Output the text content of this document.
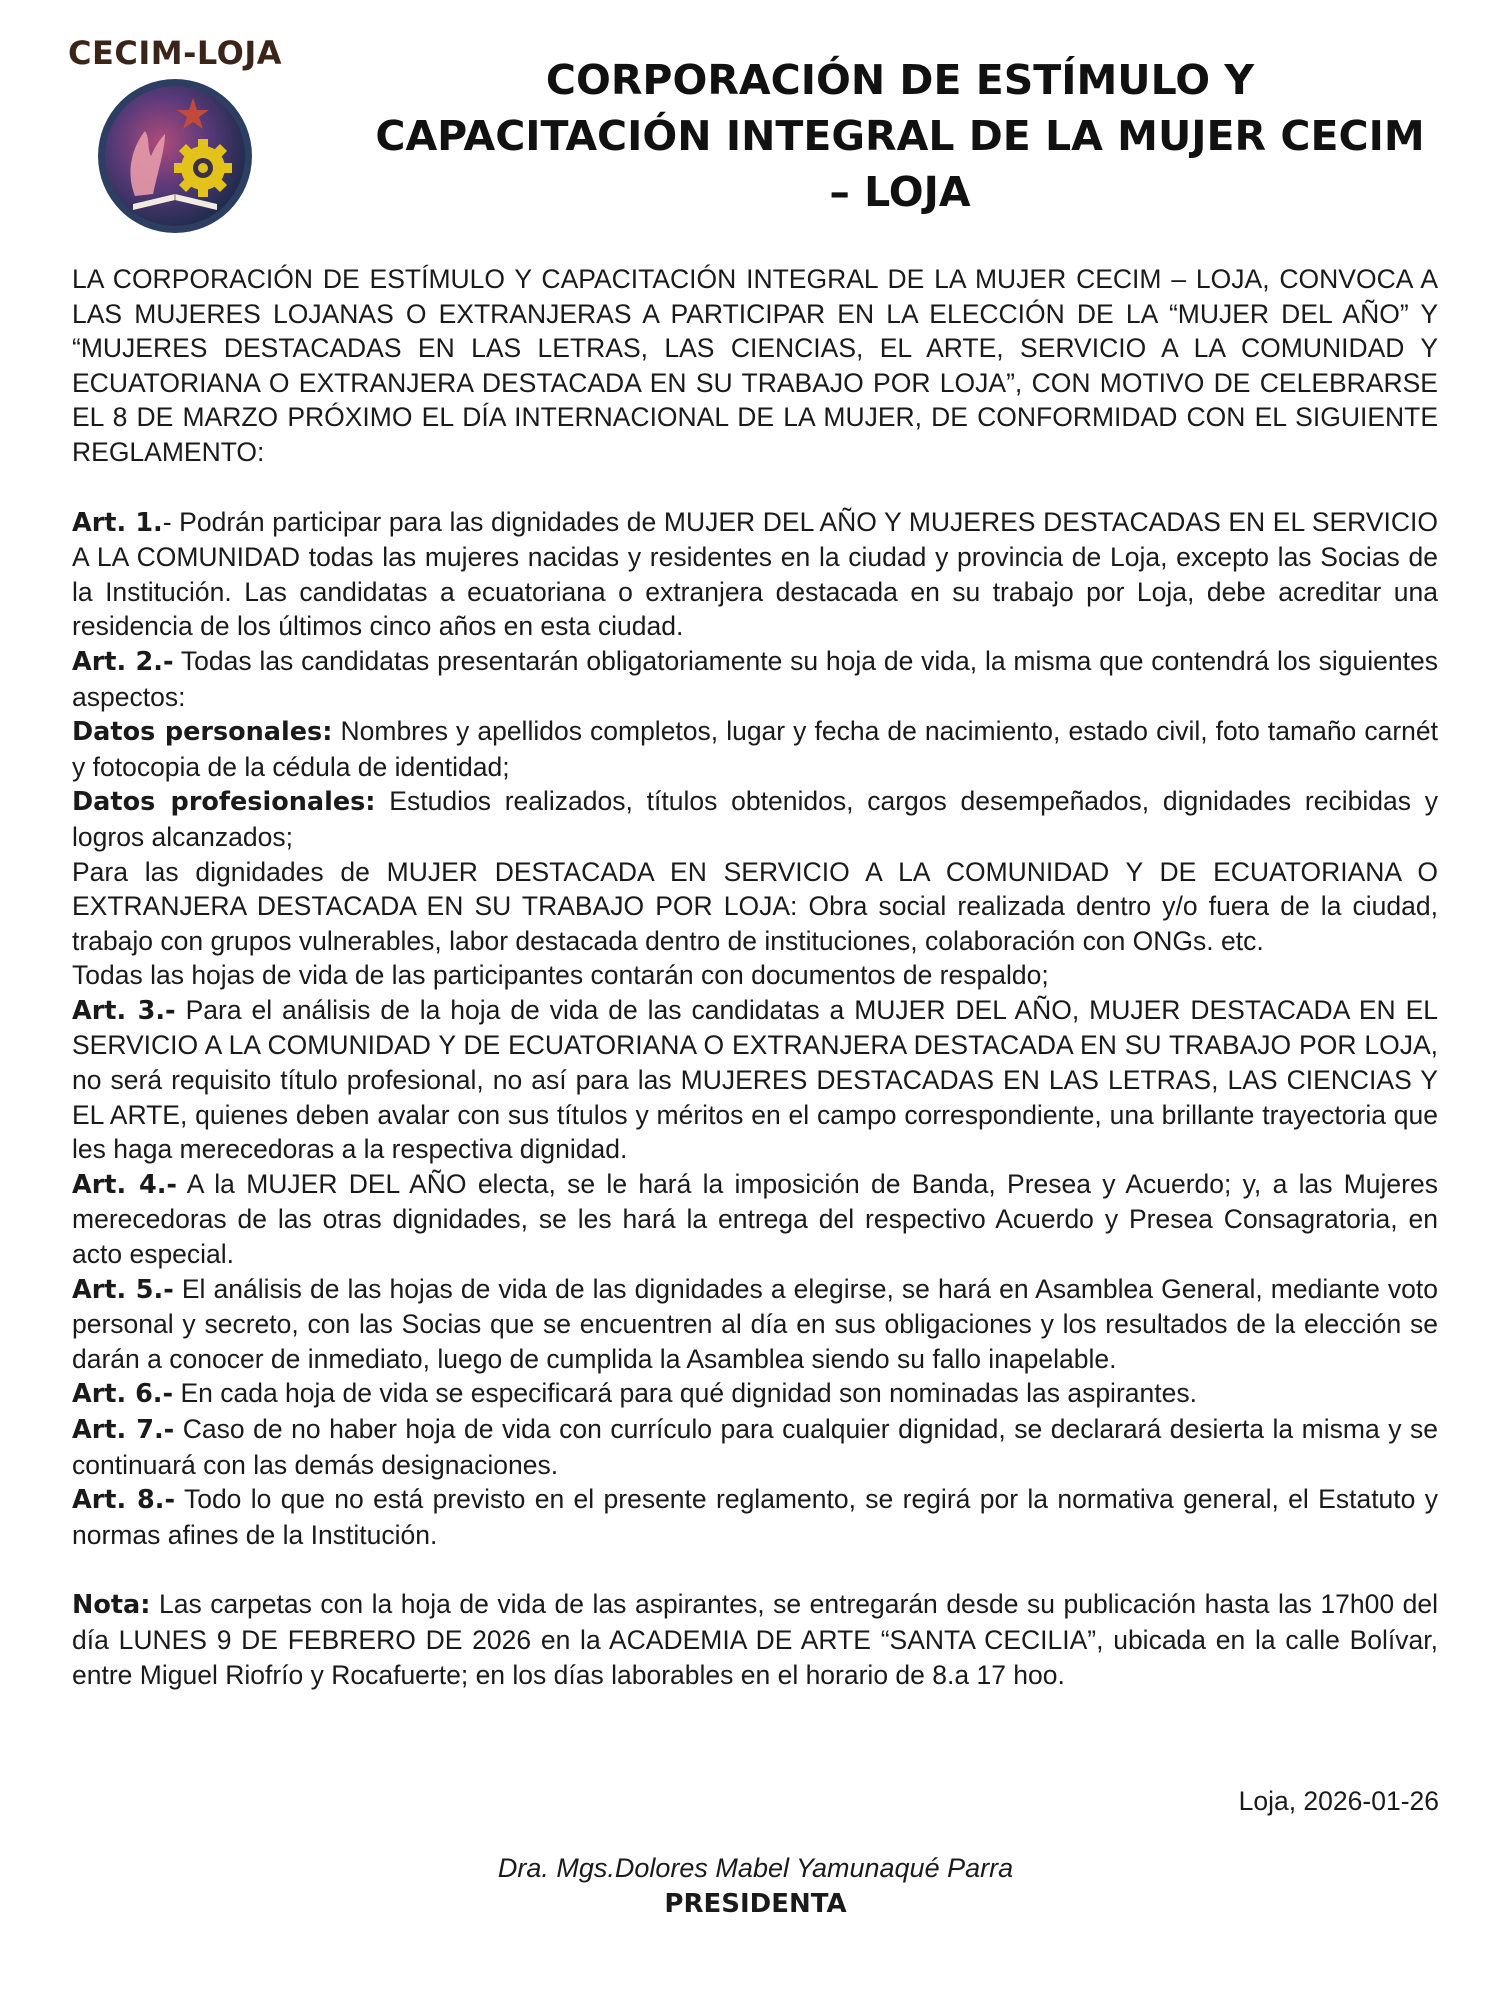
CECIM-LOJA
CORPORACIÓN DE ESTÍMULO Y
CAPACITACIÓN INTEGRAL DE LA MUJER CECIM
– LOJA

LA CORPORACIÓN DE ESTÍMULO Y CAPACITACIÓN INTEGRAL DE LA MUJER CECIM – LOJA, CONVOCA A LAS MUJERES LOJANAS O EXTRANJERAS A PARTICIPAR EN LA ELECCIÓN DE LA “MUJER DEL AÑO” Y “MUJERES DESTACADAS EN LAS LETRAS, LAS CIENCIAS, EL ARTE, SERVICIO A LA COMUNIDAD Y ECUATORIANA O EXTRANJERA DESTACADA EN SU TRABAJO POR LOJA”, CON MOTIVO DE CELEBRARSE EL 8 DE MARZO PRÓXIMO EL DÍA INTERNACIONAL DE LA MUJER, DE CONFORMIDAD CON EL SIGUIENTE REGLAMENTO:

Art. 1.- Podrán participar para las dignidades de MUJER DEL AÑO Y MUJERES DESTACADAS EN EL SERVICIO A LA COMUNIDAD todas las mujeres nacidas y residentes en la ciudad y provincia de Loja, excepto las Socias de la Institución. Las candidatas a ecuatoriana o extranjera destacada en su trabajo por Loja, debe acreditar una residencia de los últimos cinco años en esta ciudad.

Art. 2.- Todas las candidatas presentarán obligatoriamente su hoja de vida, la misma que contendrá los siguientes aspectos:

Datos personales: Nombres y apellidos completos, lugar y fecha de nacimiento, estado civil, foto tamaño carnét y fotocopia de la cédula de identidad;

Datos profesionales: Estudios realizados, títulos obtenidos, cargos desempeñados, dignidades recibidas y logros alcanzados;

Para las dignidades de MUJER DESTACADA EN SERVICIO A LA COMUNIDAD Y DE ECUATORIANA O EXTRANJERA DESTACADA EN SU TRABAJO POR LOJA: Obra social realizada dentro y/o fuera de la ciudad, trabajo con grupos vulnerables, labor destacada dentro de instituciones, colaboración con ONGs. etc.

Todas las hojas de vida de las participantes contarán con documentos de respaldo;

Art. 3.- Para el análisis de la hoja de vida de las candidatas a MUJER DEL AÑO, MUJER DESTACADA EN EL SERVICIO A LA COMUNIDAD Y DE ECUATORIANA O EXTRANJERA DESTACADA EN SU TRABAJO POR LOJA, no será requisito título profesional, no así para las MUJERES DESTACADAS EN LAS LETRAS, LAS CIENCIAS Y EL ARTE, quienes deben avalar con sus títulos y méritos en el campo correspondiente, una brillante trayectoria que les haga merecedoras a la respectiva dignidad.

Art. 4.- A la MUJER DEL AÑO electa, se le hará la imposición de Banda, Presea y Acuerdo; y, a las Mujeres merecedoras de las otras dignidades, se les hará la entrega del respectivo Acuerdo y Presea Consagratoria, en acto especial.

Art. 5.- El análisis de las hojas de vida de las dignidades a elegirse, se hará en Asamblea General, mediante voto personal y secreto, con las Socias que se encuentren al día en sus obligaciones y los resultados de la elección se darán a conocer de inmediato, luego de cumplida la Asamblea siendo su fallo inapelable.

Art. 6.- En cada hoja de vida se especificará para qué dignidad son nominadas las aspirantes.

Art. 7.- Caso de no haber hoja de vida con currículo para cualquier dignidad, se declarará desierta la misma y se continuará con las demás designaciones.

Art. 8.- Todo lo que no está previsto en el presente reglamento, se regirá por la normativa general, el Estatuto y normas afines de la Institución.

Nota: Las carpetas con la hoja de vida de las aspirantes, se entregarán desde su publicación hasta las 17h00 del día LUNES 9 DE FEBRERO DE 2026 en la ACADEMIA DE ARTE “SANTA CECILIA”, ubicada en la calle Bolívar, entre Miguel Riofrío y Rocafuerte; en los días laborables en el horario de 8.a 17 hoo.

Loja, 2026-01-26
Dra. Mgs.Dolores Mabel Yamunaqué Parra
PRESIDENTA
